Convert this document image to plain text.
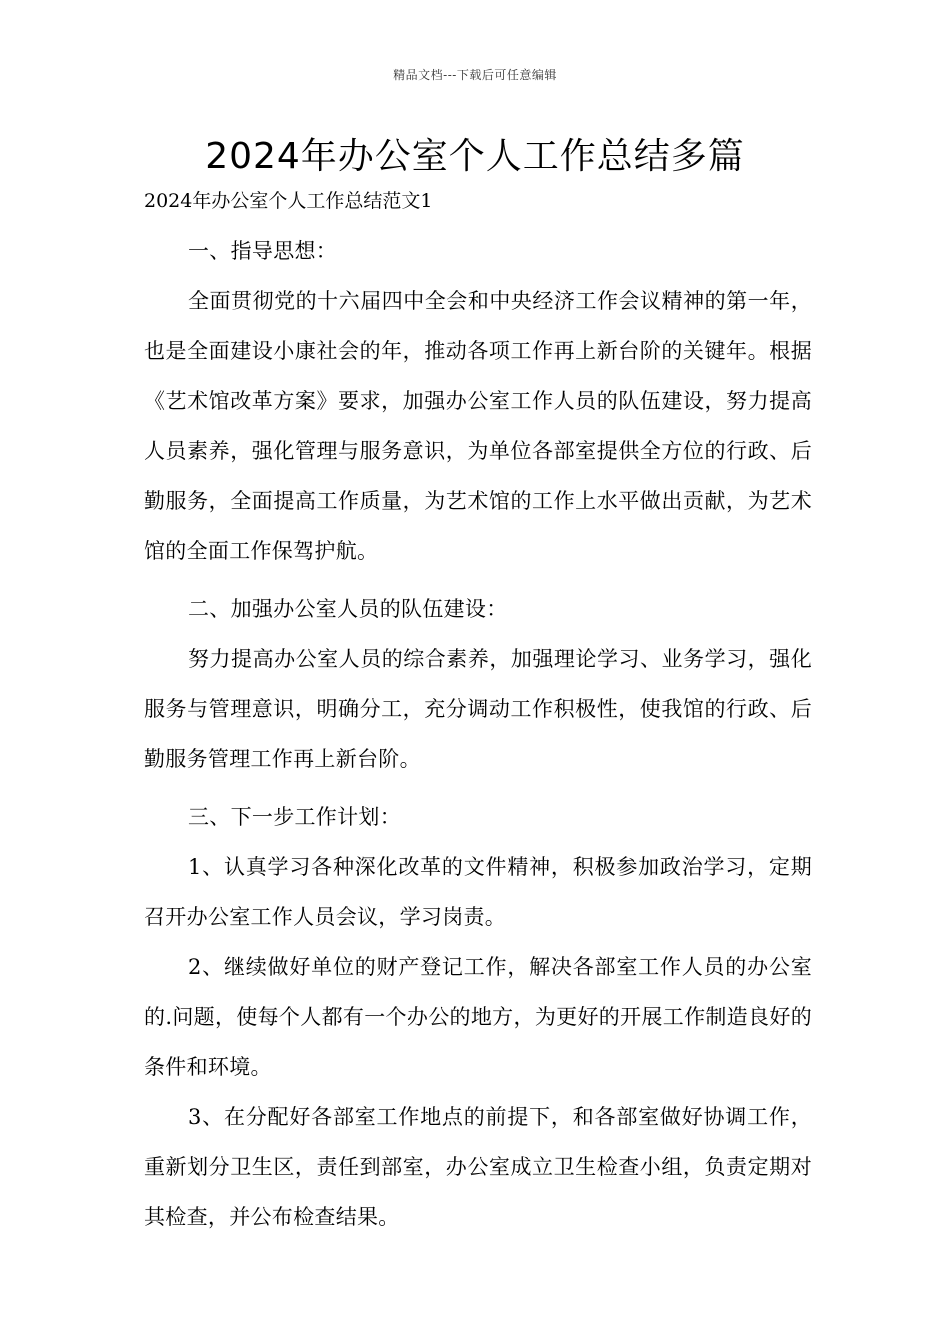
精品文档---下载后可任意编辑
2024年办公室个人工作总结多篇

2024年办公室个人工作总结范文1

一、指导思想：

全面贯彻党的十六届四中全会和中央经济工作会议精神的第一年，也是全面建设小康社会的年，推动各项工作再上新台阶的关键年。根据《艺术馆改革方案》要求，加强办公室工作人员的队伍建设，努力提高人员素养，强化管理与服务意识，为单位各部室提供全方位的行政、后勤服务，全面提高工作质量，为艺术馆的工作上水平做出贡献，为艺术馆的全面工作保驾护航。

二、加强办公室人员的队伍建设：

努力提高办公室人员的综合素养，加强理论学习、业务学习，强化服务与管理意识，明确分工，充分调动工作积极性，使我馆的行政、后勤服务管理工作再上新台阶。

三、下一步工作计划：

1、认真学习各种深化改革的文件精神，积极参加政治学习，定期召开办公室工作人员会议，学习岗责。

2、继续做好单位的财产登记工作，解决各部室工作人员的办公室的.问题，使每个人都有一个办公的地方，为更好的开展工作制造良好的条件和环境。

3、在分配好各部室工作地点的前提下，和各部室做好协调工作，重新划分卫生区，责任到部室，办公室成立卫生检查小组，负责定期对其检查，并公布检查结果。
